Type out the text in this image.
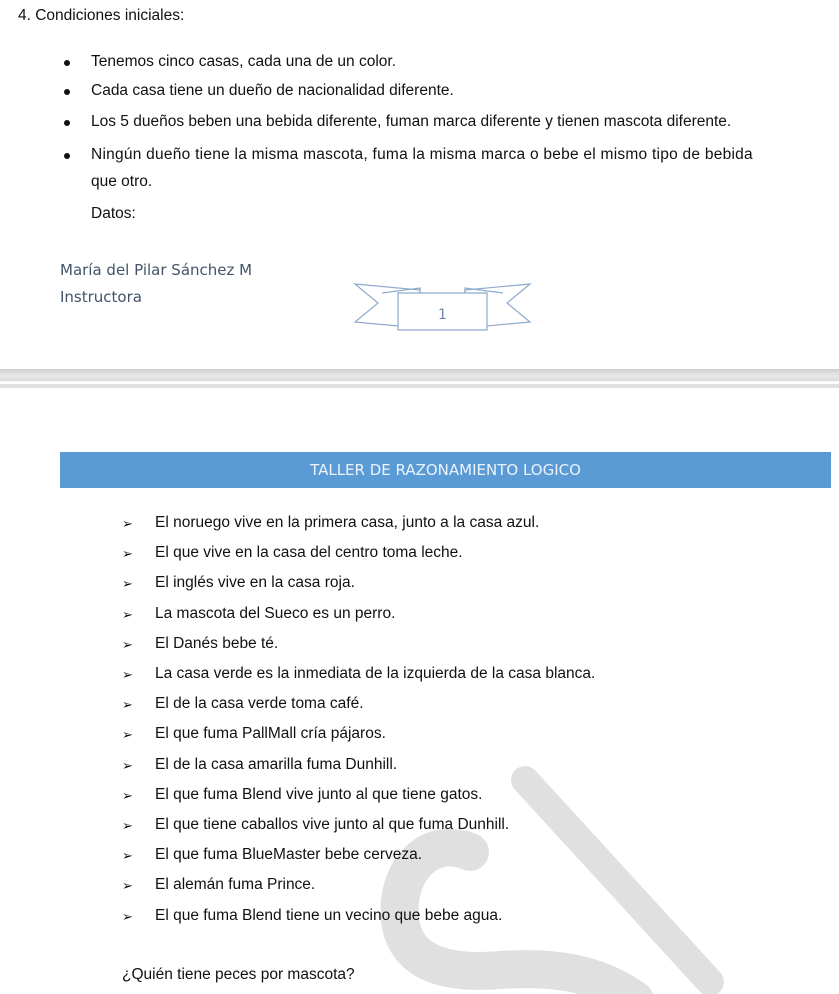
4. Condiciones iniciales:
Tenemos cinco casas, cada una de un color.
Cada casa tiene un dueño de nacionalidad diferente.
Los 5 dueños beben una bebida diferente, fuman marca diferente y tienen mascota diferente.
Ningún dueño tiene la misma mascota, fuma la misma marca o bebe el mismo tipo de bebida
que otro.
Datos:
María del Pilar Sánchez M
Instructora
1
TALLER DE RAZONAMIENTO LOGICO
➢ El noruego vive en la primera casa, junto a la casa azul.
➢ El que vive en la casa del centro toma leche.
➢ El inglés vive en la casa roja.
➢ La mascota del Sueco es un perro.
➢ El Danés bebe té.
➢ La casa verde es la inmediata de la izquierda de la casa blanca.
➢ El de la casa verde toma café.
➢ El que fuma PallMall cría pájaros.
➢ El de la casa amarilla fuma Dunhill.
➢ El que fuma Blend vive junto al que tiene gatos.
➢ El que tiene caballos vive junto al que fuma Dunhill.
➢ El que fuma BlueMaster bebe cerveza.
➢ El alemán fuma Prince.
➢ El que fuma Blend tiene un vecino que bebe agua.
¿Quién tiene peces por mascota?
